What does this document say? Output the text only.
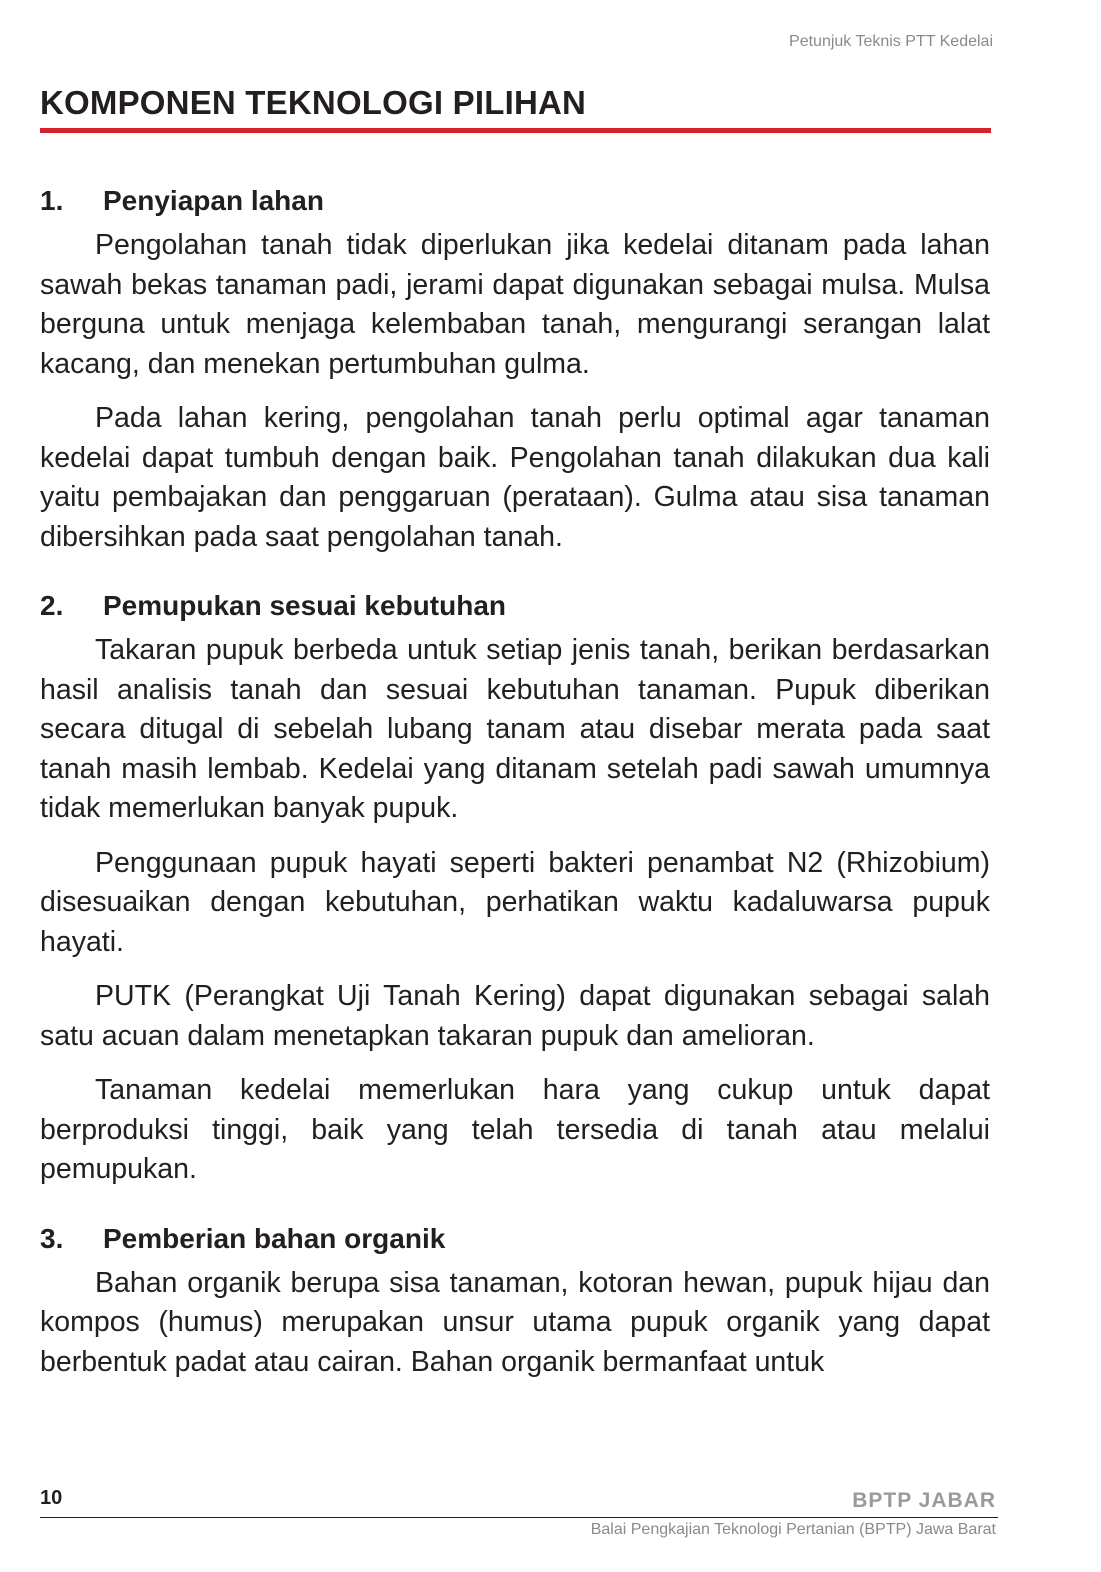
Petunjuk Teknis PTT Kedelai
KOMPONEN TEKNOLOGI PILIHAN
1.	Penyiapan lahan

Pengolahan tanah tidak diperlukan jika kedelai ditanam pada lahan sawah bekas tanaman padi, jerami dapat digunakan sebagai mulsa. Mulsa berguna untuk menjaga kelembaban tanah, mengurangi serangan lalat kacang, dan menekan pertumbuhan gulma.

Pada lahan kering, pengolahan tanah perlu optimal agar tanaman kedelai dapat tumbuh dengan baik. Pengolahan tanah dilakukan dua kali yaitu pembajakan dan penggaruan (perataan). Gulma atau sisa tanaman dibersihkan pada saat pengolahan tanah.

2.	Pemupukan sesuai kebutuhan

Takaran pupuk berbeda untuk setiap jenis tanah, berikan berdasarkan hasil analisis tanah dan sesuai kebutuhan tanaman. Pupuk diberikan secara ditugal di sebelah lubang tanam atau disebar merata pada saat tanah masih lembab. Kedelai yang ditanam setelah padi sawah umumnya tidak memerlukan banyak pupuk.

Penggunaan pupuk hayati seperti bakteri penambat N2 (Rhizobium) disesuaikan dengan kebutuhan, perhatikan waktu kadaluwarsa pupuk hayati.

PUTK (Perangkat Uji Tanah Kering) dapat digunakan sebagai salah satu acuan dalam menetapkan takaran pupuk dan amelioran.

Tanaman kedelai memerlukan hara yang cukup untuk dapat berproduksi tinggi, baik yang telah tersedia di tanah atau melalui pemupukan.

3.	Pemberian bahan organik

Bahan organik berupa sisa tanaman, kotoran hewan, pupuk hijau dan kompos (humus) merupakan unsur utama pupuk organik yang dapat berbentuk padat atau cairan. Bahan organik bermanfaat untuk

10	BPTP JABAR
Balai Pengkajian Teknologi Pertanian (BPTP) Jawa Barat
